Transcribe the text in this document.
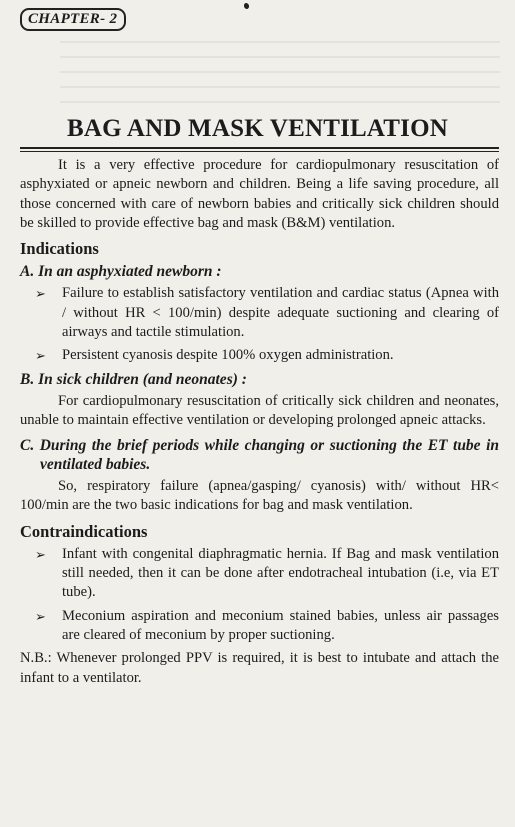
CHAPTER- 2
BAG AND MASK VENTILATION

It is a very effective procedure for cardiopulmonary resuscitation of asphyxiated or apneic newborn and children. Being a life saving procedure, all those concerned with care of newborn babies and critically sick children should be skilled to provide effective bag and mask (B&M) ventilation.

Indications
A. In an asphyxiated newborn :
➢ Failure to establish satisfactory ventilation and cardiac status (Apnea with / without HR < 100/min) despite adequate suctioning and clearing of airways and tactile stimulation.
➢ Persistent cyanosis despite 100% oxygen administration.
B. In sick children (and neonates) :

For cardiopulmonary resuscitation of critically sick children and neonates, unable to maintain effective ventilation or developing prolonged apneic attacks.

C. During the brief periods while changing or suctioning the ET tube in ventilated babies.

So, respiratory failure (apnea/gasping/ cyanosis) with/ without HR< 100/min are the two basic indications for bag and mask ventilation.

Contraindications
➢ Infant with congenital diaphragmatic hernia. If Bag and mask ventilation still needed, then it can be done after endotracheal intubation (i.e, via ET tube).
➢ Meconium aspiration and meconium stained babies, unless air passages are cleared of meconium by proper suctioning.

N.B.: Whenever prolonged PPV is required, it is best to intubate and attach the infant to a ventilator.
